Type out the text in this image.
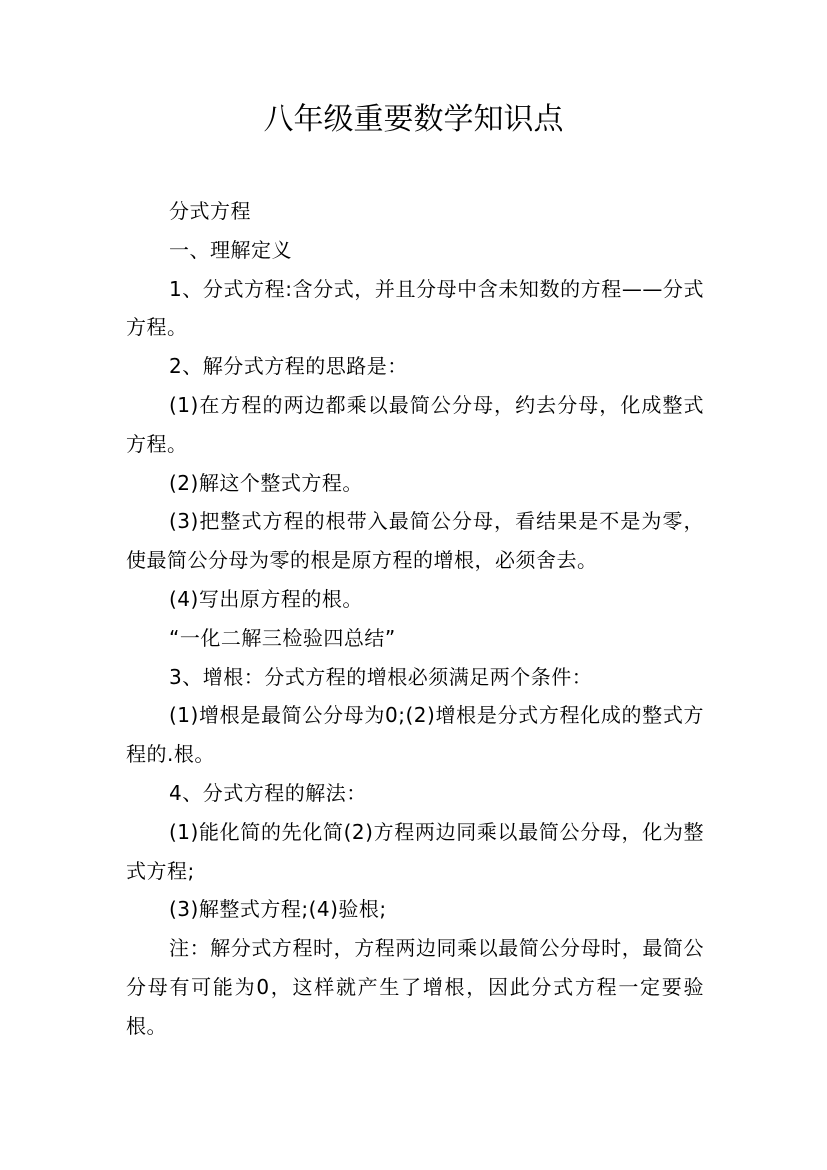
八年级重要数学知识点

分式方程

一、理解定义

1、分式方程:含分式，并且分母中含未知数的方程——分式方程。

2、解分式方程的思路是：

(1)在方程的两边都乘以最简公分母，约去分母，化成整式方程。

(2)解这个整式方程。

(3)把整式方程的根带入最简公分母，看结果是不是为零，使最简公分母为零的根是原方程的增根，必须舍去。

(4)写出原方程的根。

“一化二解三检验四总结”

3、增根：分式方程的增根必须满足两个条件：

(1)增根是最简公分母为0;(2)增根是分式方程化成的整式方程的.根。

4、分式方程的解法：

(1)能化简的先化简(2)方程两边同乘以最简公分母，化为整式方程;

(3)解整式方程;(4)验根;

注：解分式方程时，方程两边同乘以最简公分母时，最简公分母有可能为0，这样就产生了增根，因此分式方程一定要验根。
